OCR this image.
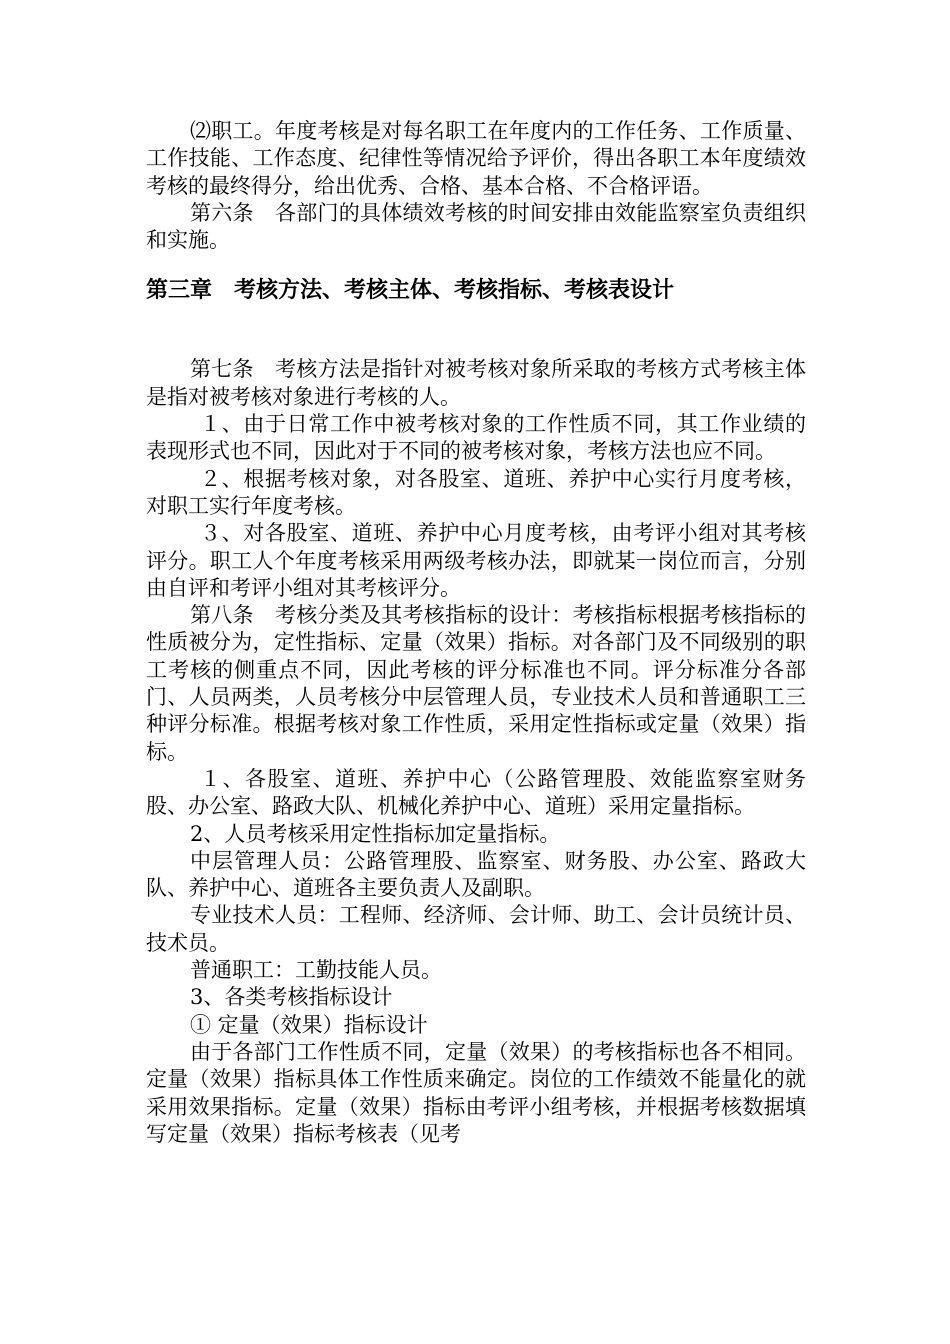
⑵职工。年度考核是对每名职工在年度内的工作任务、工作质量、工作技能、工作态度、纪律性等情况给予评价，得出各职工本年度绩效考核的最终得分，给出优秀、合格、基本合格、不合格评语。

第六条　各部门的具体绩效考核的时间安排由效能监察室负责组织和实施。

第三章　考核方法、考核主体、考核指标、考核表设计

第七条　考核方法是指针对被考核对象所采取的考核方式考核主体是指对被考核对象进行考核的人。

１、由于日常工作中被考核对象的工作性质不同，其工作业绩的表现形式也不同，因此对于不同的被考核对象，考核方法也应不同。

２、根据考核对象，对各股室、道班、养护中心实行月度考核，对职工实行年度考核。

３、对各股室、道班、养护中心月度考核，由考评小组对其考核评分。职工人个年度考核采用两级考核办法，即就某一岗位而言，分别由自评和考评小组对其考核评分。

第八条　考核分类及其考核指标的设计：考核指标根据考核指标的性质被分为，定性指标、定量（效果）指标。对各部门及不同级别的职工考核的侧重点不同，因此考核的评分标准也不同。评分标准分各部门、人员两类，人员考核分中层管理人员，专业技术人员和普通职工三种评分标准。根据考核对象工作性质，采用定性指标或定量（效果）指标。

１、各股室、道班、养护中心（公路管理股、效能监察室财务股、办公室、路政大队、机械化养护中心、道班）采用定量指标。

2、人员考核采用定性指标加定量指标。

中层管理人员：公路管理股、监察室、财务股、办公室、路政大队、养护中心、道班各主要负责人及副职。

专业技术人员：工程师、经济师、会计师、助工、会计员统计员、技术员。

普通职工：工勤技能人员。

3、各类考核指标设计

① 定量（效果）指标设计

由于各部门工作性质不同，定量（效果）的考核指标也各不相同。定量（效果）指标具体工作性质来确定。岗位的工作绩效不能量化的就采用效果指标。定量（效果）指标由考评小组考核，并根据考核数据填写定量（效果）指标考核表（见考
